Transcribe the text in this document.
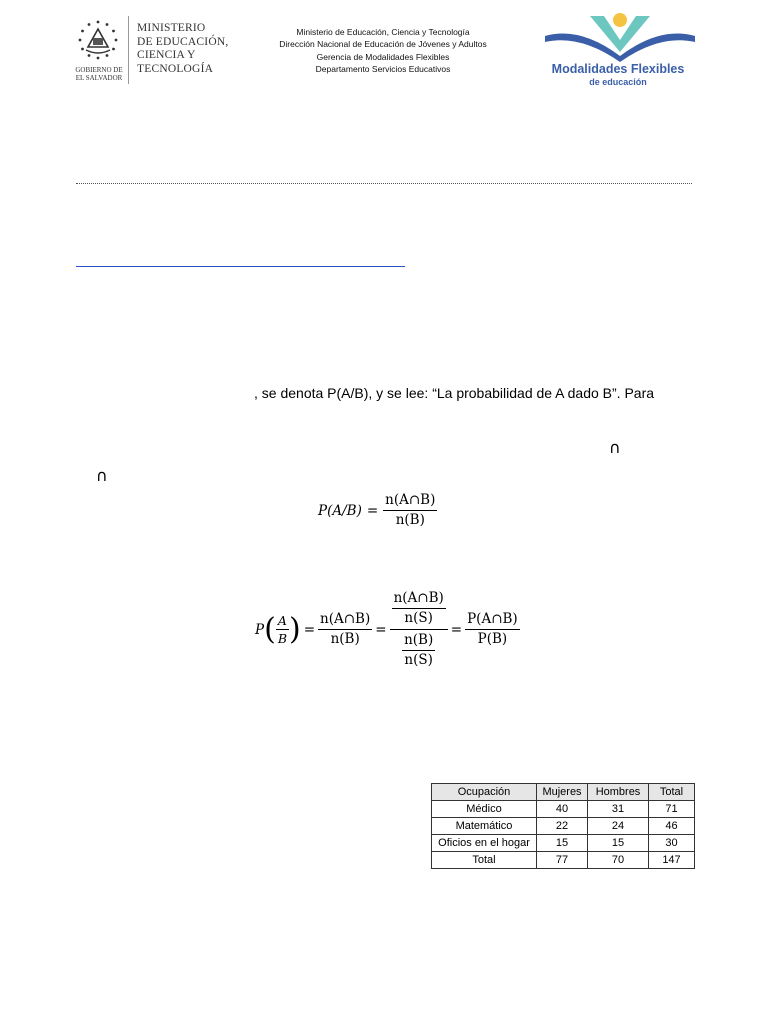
GOBIERNO DE
EL SALVADOR
MINISTERIO
DE EDUCACIÓN,
CIENCIA Y
TECNOLOGÍA
Ministerio de Educación, Ciencia y Tecnología
Dirección Nacional de Educación de Jóvenes y Adultos
Gerencia de Modalidades Flexibles
Departamento Servicios Educativos	Modalidades Flexibles
de educación
, se denota P(A/B), y se lee: “La probabilidad de A dado B”. Para
∩
∩
$P(A/B) = \frac{n(A\cap B)}{n(B)}$
P ( $\frac{A}{B}$ ) = $\frac{n(A\cap B)}{n(B)} = \frac{\frac{n(A\cap B)}{n(S)}}{\frac{n(B)}{n(S)}} = \frac{P(A\cap B)}{P(B)}$
Ocupación	Mujeres	Hombres	Total
Médico	40	31	71
Matemático	22	24	46
Oficios en el hogar	15	15	30
Total	77	70	147
